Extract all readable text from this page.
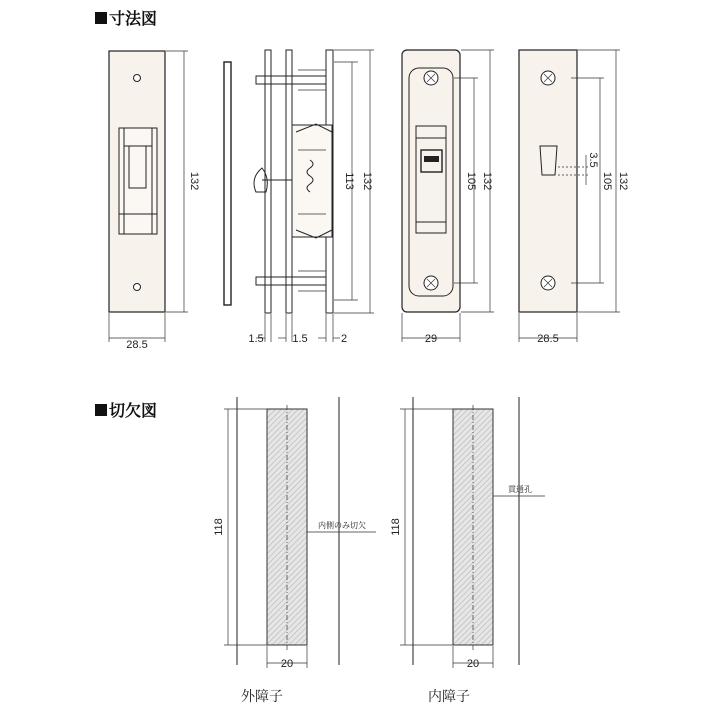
寸法図
132
28.5
113 132
1.5	1.5	2
105 132
29
3.5
105 132
28.5
切欠図
118
20
内側のみ切欠
外障子
118
20
貫通孔
内障子
